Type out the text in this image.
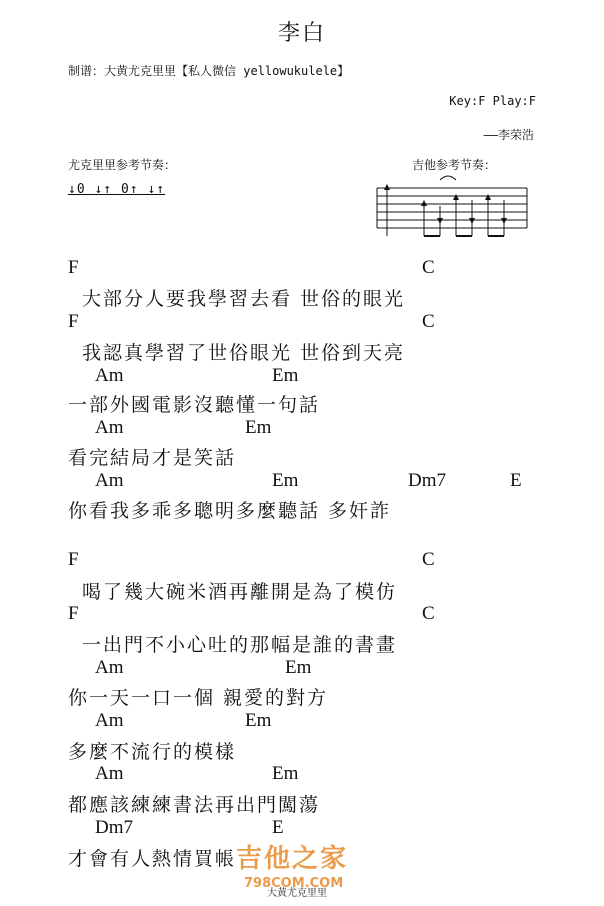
李白
制谱：大黄尤克里里【私人微信 yellowukulele】
Key:F Play:F
——李荣浩
尤克里里参考节奏：
↓0 ↓↑ 0↑ ↓↑
吉他参考节奏：
F	C
大部分人要我學習去看 世俗的眼光
F	C
我認真學習了世俗眼光 世俗到天亮
Am	Em
一部外國電影沒聽懂一句話
Am	Em
看完結局才是笑話
Am	Em	Dm7	E
你看我多乖多聰明多麼聽話 多奸詐
F	C
喝了幾大碗米酒再離開是為了模仿
F	C
一出門不小心吐的那幅是誰的書畫
Am	Em
你一天一口一個 親愛的對方
Am	Em
多麼不流行的模樣
Am	Em
都應該練練書法再出門闖蕩
Dm7	E
才會有人熱情買帳 吉他之家
798COM.COM
大黄尤克里里
